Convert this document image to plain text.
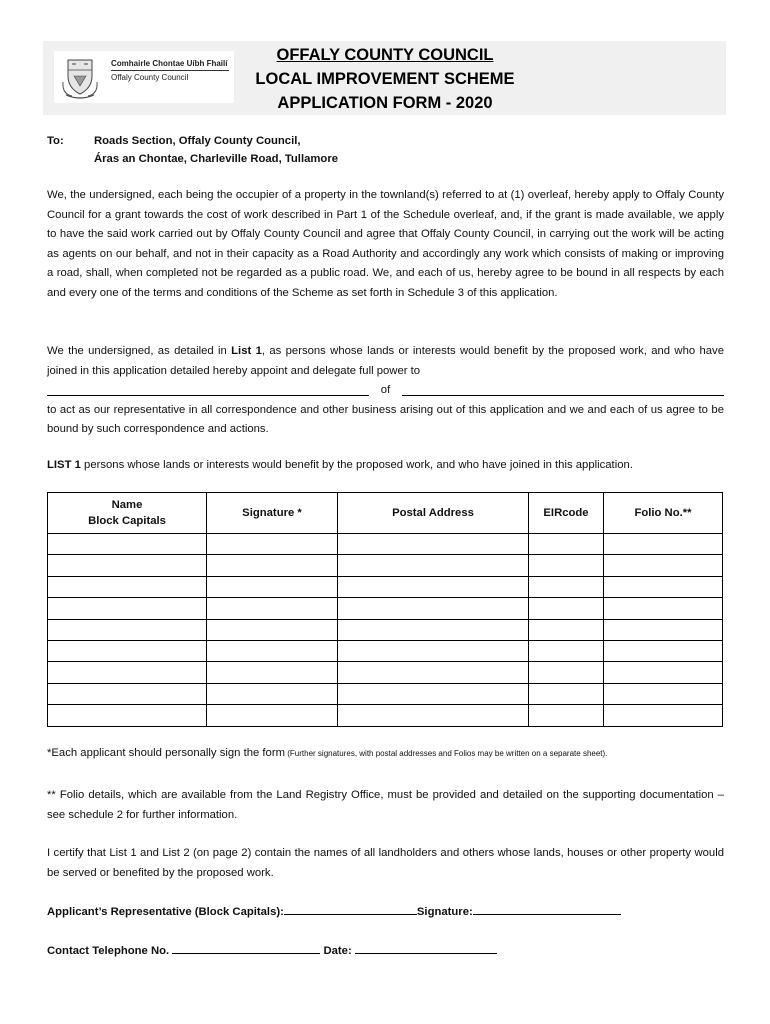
Comhairle Chontae Uíbh Fhailí
Offaly County Council
OFFALY COUNTY COUNCIL
LOCAL IMPROVEMENT SCHEME
APPLICATION FORM - 2020
To:	Roads Section, Offaly County Council,
Áras an Chontae, Charleville Road, Tullamore

We, the undersigned, each being the occupier of a property in the townland(s) referred to at (1) overleaf, hereby apply to Offaly County Council for a grant towards the cost of work described in Part 1 of the Schedule overleaf, and, if the grant is made available, we apply to have the said work carried out by Offaly County Council and agree that Offaly County Council, in carrying out the work will be acting as agents on our behalf, and not in their capacity as a Road Authority and accordingly any work which consists of making or improving a road, shall, when completed not be regarded as a public road. We, and each of us, hereby agree to be bound in all respects by each and every one of the terms and conditions of the Scheme as set forth in Schedule 3 of this application.

We the undersigned, as detailed in List 1, as persons whose lands or interests would benefit by the proposed work, and who have joined in this application detailed hereby appoint and delegate full power to
of
to act as our representative in all correspondence and other business arising out of this application and we and each of us agree to be bound by such correspondence and actions.
LIST 1 persons whose lands or interests would benefit by the proposed work, and who have joined in this application.
Name
Block Capitals	Signature *	Postal Address	EIRcode	Folio No.**

*Each applicant should personally sign the form (Further signatures, with postal addresses and Folios may be written on a separate sheet).

** Folio details, which are available from the Land Registry Office, must be provided and detailed on the supporting documentation – see schedule 2 for further information.

I certify that List 1 and List 2 (on page 2) contain the names of all landholders and others whose lands, houses or other property would be served or benefited by the proposed work.

Applicant’s Representative (Block Capitals):	Signature:
Contact Telephone No.	Date:
